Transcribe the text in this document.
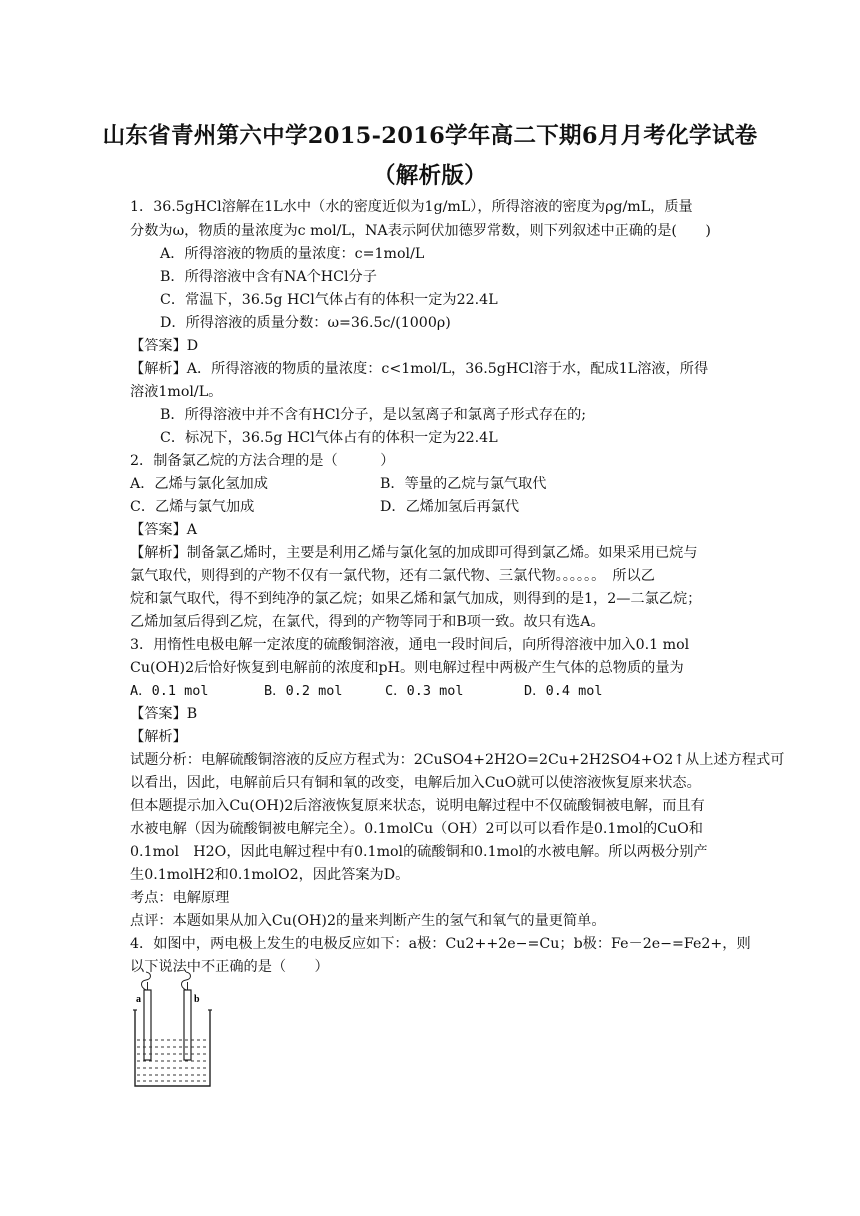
山东省青州第六中学2015-2016学年高二下期6月月考化学试卷
（解析版）
1．36.5gHCl溶解在1L水中（水的密度近似为1g/mL），所得溶液的密度为ρg/mL，质量
分数为ω，物质的量浓度为c mol/L，NA表示阿伏加德罗常数，则下列叙述中正确的是(　　)
A．所得溶液的物质的量浓度：c=1mol/L
B．所得溶液中含有NA个HCl分子
C．常温下，36.5g HCl气体占有的体积一定为22.4L
D．所得溶液的质量分数：ω=36.5c/(1000ρ)
【答案】D
【解析】A．所得溶液的物质的量浓度：c<1mol/L，36.5gHCl溶于水，配成1L溶液，所得
溶液1mol/L。
B．所得溶液中并不含有HCl分子，是以氢离子和氯离子形式存在的;
C．标况下，36.5g HCl气体占有的体积一定为22.4L
2．制备氯乙烷的方法合理的是（　　　）
A．乙烯与氯化氢加成	B．等量的乙烷与氯气取代
C．乙烯与氯气加成	D．乙烯加氢后再氯代
【答案】A
【解析】制备氯乙烯时，主要是利用乙烯与氯化氢的加成即可得到氯乙烯。如果采用已烷与
氯气取代，则得到的产物不仅有一氯代物，还有二氯代物、三氯代物。。。。。。　所以乙
烷和氯气取代，得不到纯净的氯乙烷；如果乙烯和氯气加成，则得到的是1，2—二氯乙烷；
乙烯加氢后得到乙烷，在氯代，得到的产物等同于和B项一致。故只有选A。
3．用惰性电极电解一定浓度的硫酸铜溶液，通电一段时间后，向所得溶液中加入0.1 mol
Cu(OH)2后恰好恢复到电解前的浓度和pH。则电解过程中两极产生气体的总物质的量为
A．0.1 mol	B．0.2 mol	C．0.3 mol	D．0.4 mol
【答案】B
【解析】
试题分析：电解硫酸铜溶液的反应方程式为：2CuSO4+2H2O=2Cu+2H2SO4+O2↑从上述方程式可
以看出，因此，电解前后只有铜和氧的改变，电解后加入CuO就可以使溶液恢复原来状态。
但本题提示加入Cu(OH)2后溶液恢复原来状态，说明电解过程中不仅硫酸铜被电解，而且有
水被电解（因为硫酸铜被电解完全）。0.1molCu（OH）2可以可以看作是0.1mol的CuO和
0.1mol　H2O，因此电解过程中有0.1mol的硫酸铜和0.1mol的水被电解。所以两极分别产
生0.1molH2和0.1molO2，因此答案为D。
考点：电解原理
点评：本题如果从加入Cu(OH)2的量来判断产生的氢气和氧气的量更简单。
4．如图中，两电极上发生的电极反应如下：a极：Cu2++2e−=Cu；b极：Fe－2e−=Fe2+，则
以下说法中不正确的是（　　）
a	b
